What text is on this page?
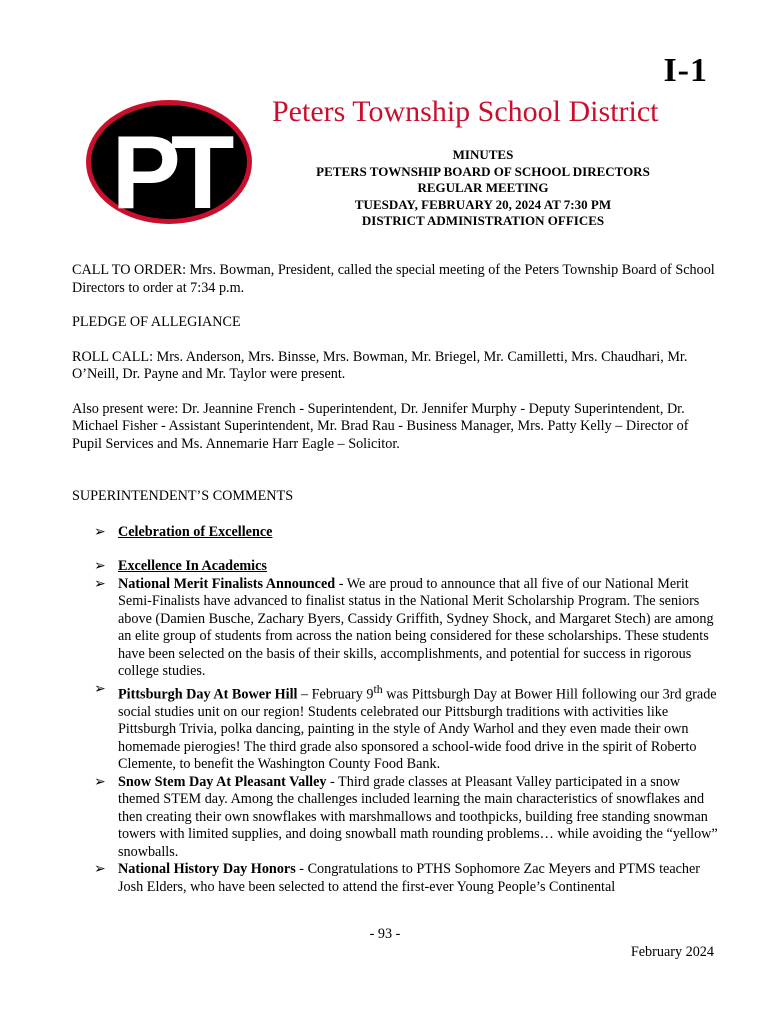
I-1
PT
Peters Township School District
MINUTES
PETERS TOWNSHIP BOARD OF SCHOOL DIRECTORS
REGULAR MEETING
TUESDAY, FEBRUARY 20, 2024 AT 7:30 PM
DISTRICT ADMINISTRATION OFFICES

CALL TO ORDER: Mrs. Bowman, President, called the special meeting of the Peters Township Board of School Directors to order at 7:34 p.m.

PLEDGE OF ALLEGIANCE

ROLL CALL: Mrs. Anderson, Mrs. Binsse, Mrs. Bowman, Mr. Briegel, Mr. Camilletti, Mrs. Chaudhari, Mr. O’Neill, Dr. Payne and Mr. Taylor were present.

Also present were: Dr. Jeannine French - Superintendent, Dr. Jennifer Murphy - Deputy Superintendent, Dr. Michael Fisher - Assistant Superintendent, Mr. Brad Rau - Business Manager, Mrs. Patty Kelly – Director of Pupil Services and Ms. Annemarie Harr Eagle – Solicitor.

SUPERINTENDENT’S COMMENTS

➢ Celebration of Excellence
➢ Excellence In Academics
➢ National Merit Finalists Announced - We are proud to announce that all five of our National Merit Semi-Finalists have advanced to finalist status in the National Merit Scholarship Program. The seniors above (Damien Busche, Zachary Byers, Cassidy Griffith, Sydney Shock, and Margaret Stech) are among an elite group of students from across the nation being considered for these scholarships. These students have been selected on the basis of their skills, accomplishments, and potential for success in rigorous college studies.
➢ Pittsburgh Day At Bower Hill – February 9th was Pittsburgh Day at Bower Hill following our 3rd grade social studies unit on our region! Students celebrated our Pittsburgh traditions with activities like Pittsburgh Trivia, polka dancing, painting in the style of Andy Warhol and they even made their own homemade pierogies! The third grade also sponsored a school-wide food drive in the spirit of Roberto Clemente, to benefit the Washington County Food Bank.
➢ Snow Stem Day At Pleasant Valley - Third grade classes at Pleasant Valley participated in a snow themed STEM day. Among the challenges included learning the main characteristics of snowflakes and then creating their own snowflakes with marshmallows and toothpicks, building free standing snowman towers with limited supplies, and doing snowball math rounding problems… while avoiding the “yellow” snowballs.
➢ National History Day Honors - Congratulations to PTHS Sophomore Zac Meyers and PTMS teacher Josh Elders, who have been selected to attend the first-ever Young People’s Continental
- 93 -
February 2024
